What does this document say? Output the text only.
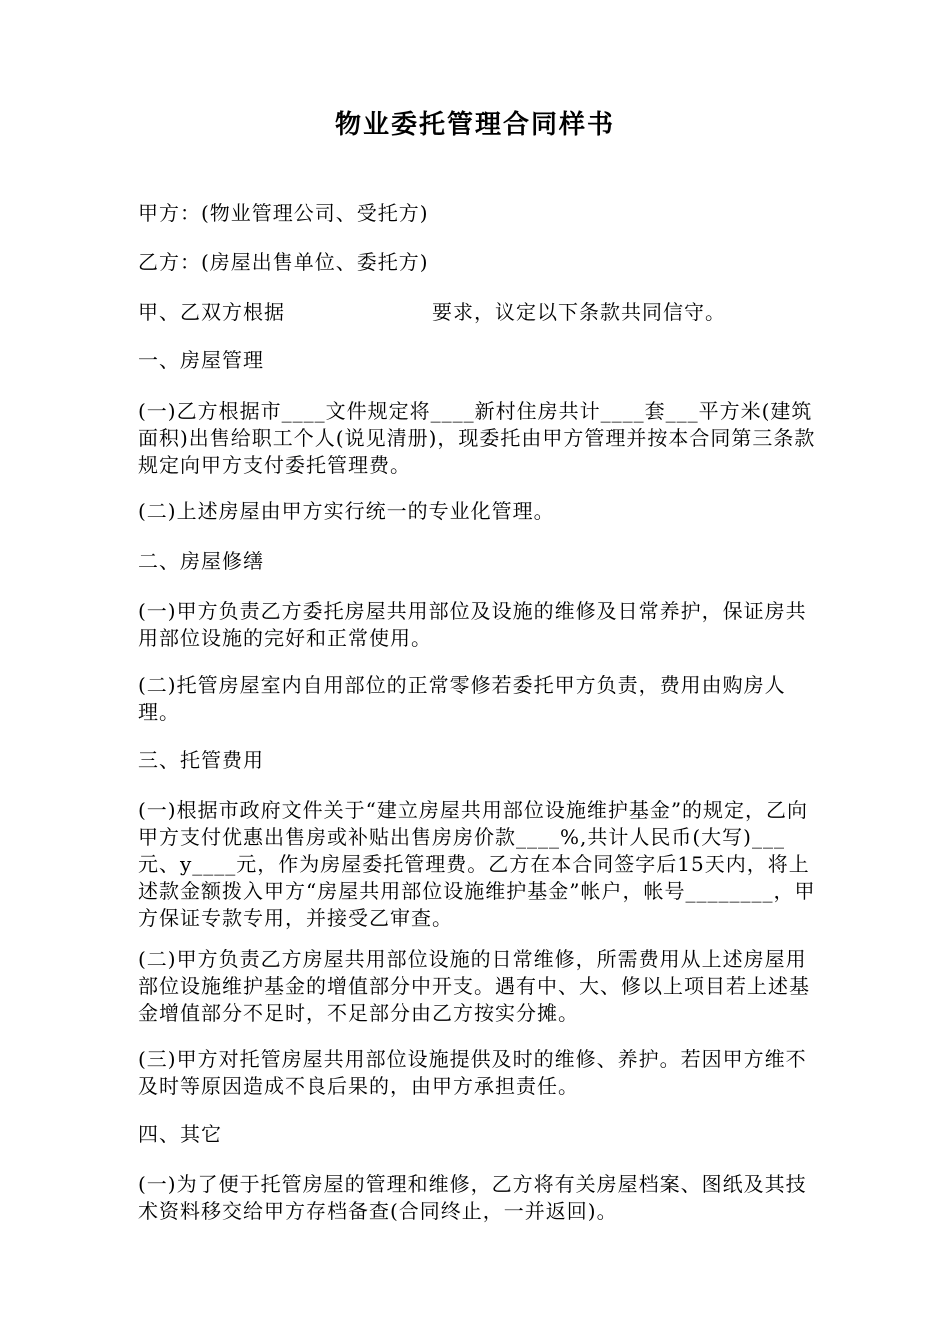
物业委托管理合同样书
甲方：(物业管理公司、受托方)
乙方：(房屋出售单位、委托方)
甲、乙双方根据　　　　　　　要求，议定以下条款共同信守。
一、房屋管理
(一)乙方根据市____文件规定将____新村住房共计____套___平方米(建筑面积)出售给职工个人(说见清册)，现委托由甲方管理并按本合同第三条款规定向甲方支付委托管理费。
(二)上述房屋由甲方实行统一的专业化管理。
二、房屋修缮
(一)甲方负责乙方委托房屋共用部位及设施的维修及日常养护，保证房共用部位设施的完好和正常使用。
(二)托管房屋室内自用部位的正常零修若委托甲方负责，费用由购房人理。
三、托管费用
(一)根据市政府文件关于“建立房屋共用部位设施维护基金”的规定，乙向甲方支付优惠出售房或补贴出售房房价款____%,共计人民币(大写)___元、y____元，作为房屋委托管理费。乙方在本合同签字后15天内，将上述款金额拨入甲方“房屋共用部位设施维护基金”帐户，帐号________，甲方保证专款专用，并接受乙审查。
(二)甲方负责乙方房屋共用部位设施的日常维修，所需费用从上述房屋用部位设施维护基金的增值部分中开支。遇有中、大、修以上项目若上述基金增值部分不足时，不足部分由乙方按实分摊。
(三)甲方对托管房屋共用部位设施提供及时的维修、养护。若因甲方维不及时等原因造成不良后果的，由甲方承担责任。
四、其它
(一)为了便于托管房屋的管理和维修，乙方将有关房屋档案、图纸及其技术资料移交给甲方存档备查(合同终止，一并返回)。
